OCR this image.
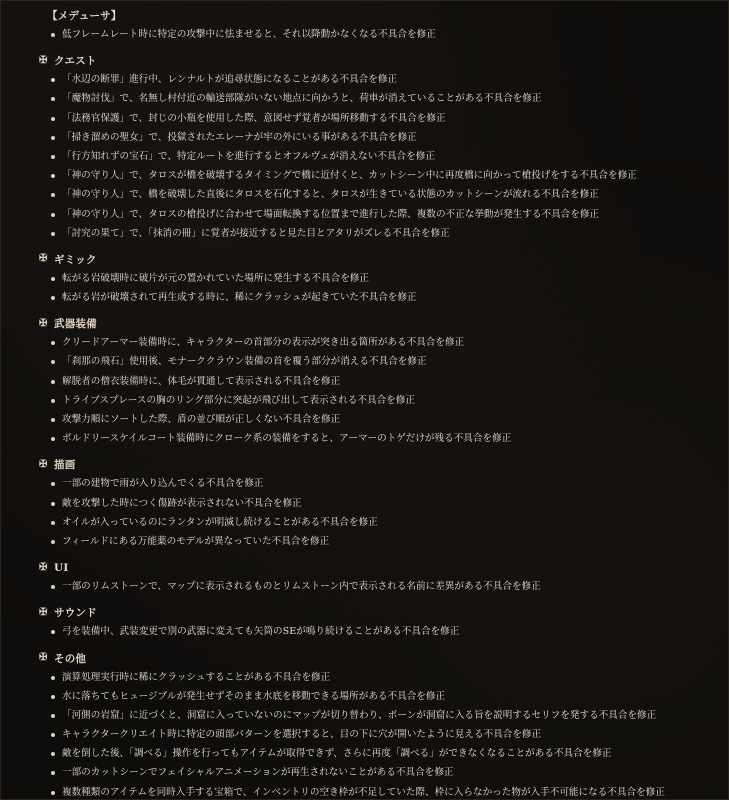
【メデューサ】
低フレームレート時に特定の攻撃中に怯ませると、それ以降動かなくなる不具合を修正
✠ クエスト
「水辺の断罪」進行中、レンナルトが追尋状態になることがある不具合を修正
「魔物討伐」で、名無し村付近の輸送部隊がいない地点に向かうと、荷車が消えていることがある不具合を修正
「法務官保護」で、封じの小瓶を使用した際、意図せず覚者が場所移動する不具合を修正
「掃き溜めの聖女」で、投獄されたエレーナが牢の外にいる事がある不具合を修正
「行方知れずの宝石」で、特定ルートを進行するとオフルヴェが消えない不具合を修正
「神の守り人」で、タロスが橋を破壊するタイミングで橋に近付くと、カットシーン中に再度橋に向かって槍投げをする不具合を修正
「神の守り人」で、橋を破壊した直後にタロスを石化すると、タロスが生きている状態のカットシーンが流れる不具合を修正
「神の守り人」で、タロスの槍投げに合わせて場面転換する位置まで進行した際、複数の不正な挙動が発生する不具合を修正
「討究の果て」で、「抹消の冊」に覚者が接近すると見た目とアタリがズレる不具合を修正
✠ ギミック
転がる岩破壊時に破片が元の置かれていた場所に発生する不具合を修正
転がる岩が破壊されて再生成する時に、稀にクラッシュが起きていた不具合を修正
✠ 武器装備
クリードアーマー装備時に、キャラクターの首部分の表示が突き出る箇所がある不具合を修正
「刹那の飛石」使用後、モナーククラウン装備の首を覆う部分が消える不具合を修正
解脱者の僧衣装備時に、体毛が貫通して表示される不具合を修正
トライブスプレースの胸のリング部分に突起が飛び出して表示される不具合を修正
攻撃力順にソートした際、盾の並び順が正しくない不具合を修正
ボルドリースケイルコート装備時にクローク系の装備をすると、アーマーのトゲだけが残る不具合を修正
✠ 描画
一部の建物で雨が入り込んでくる不具合を修正
敵を攻撃した時につく傷跡が表示されない不具合を修正
オイルが入っているのにランタンが明滅し続けることがある不具合を修正
フィールドにある万能薬のモデルが異なっていた不具合を修正
✠ UI
一部のリムストーンで、マップに表示されるものとリムストーン内で表示される名前に差異がある不具合を修正
✠ サウンド
弓を装備中、武装変更で別の武器に変えても矢筒のSEが鳴り続けることがある不具合を修正
✠ その他
演算処理実行時に稀にクラッシュすることがある不具合を修正
水に落ちてもヒュージブルが発生せずそのまま水底を移動できる場所がある不具合を修正
「河側の岩窟」に近づくと、洞窟に入っていないのにマップが切り替わり、ポーンが洞窟に入る旨を説明するセリフを発する不具合を修正
キャラクタークリエイト時に特定の頭部パターンを選択すると、目の下に穴が開いたように見える不具合を修正
敵を倒した後、「調べる」操作を行ってもアイテムが取得できず、さらに再度「調べる」ができなくなることがある不具合を修正
一部のカットシーンでフェイシャルアニメーションが再生されないことがある不具合を修正
複数種類のアイテムを同時入手する宝箱で、インベントリの空き枠が不足していた際、枠に入らなかった物が入手不可能になる不具合を修正
